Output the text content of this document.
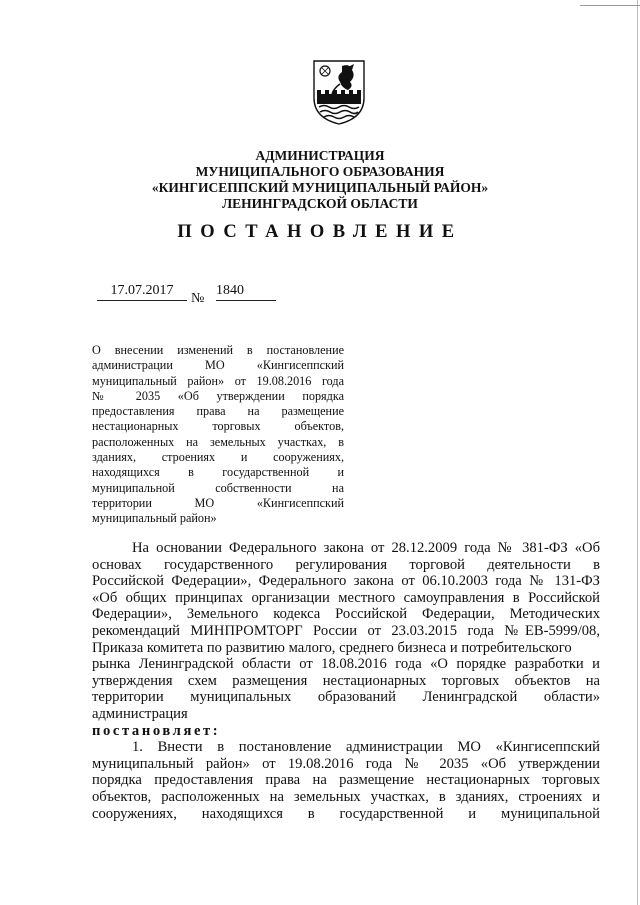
АДМИНИСТРАЦИЯ
МУНИЦИПАЛЬНОГО ОБРАЗОВАНИЯ
«КИНГИСЕППСКИЙ МУНИЦИПАЛЬНЫЙ РАЙОН»
ЛЕНИНГРАДСКОЙ ОБЛАСТИ
ПОСТАНОВЛЕНИЕ
17.07.2017
№
1840
О внесении изменений в постановление
администрации МО «Кингисеппский
муниципальный район» от 19.08.2016 года
№ 2035 «Об утверждении порядка
предоставления права на размещение
нестационарных торговых объектов,
расположенных на земельных участках, в
зданиях, строениях и сооружениях,
находящихся в государственной и
муниципальной собственности на
территории МО «Кингисеппский
муниципальный район»
На основании Федерального закона от 28.12.2009 года № 381-ФЗ «Об
основах государственного регулирования торговой деятельности в
Российской Федерации», Федерального закона от 06.10.2003 года № 131-ФЗ
«Об общих принципах организации местного самоуправления в Российской
Федерации», Земельного кодекса Российской Федерации, Методических
рекомендаций МИНПРОМТОРГ России от 23.03.2015 года №ЕВ-5999/08,
Приказа комитета по развитию малого, среднего бизнеса и потребительского
рынка Ленинградской области от 18.08.2016 года «О порядке разработки и
утверждения схем размещения нестационарных торговых объектов на
территории муниципальных образований Ленинградской области»
администрация
постановляет:
1. Внести в постановление администрации МО «Кингисеппский
муниципальный район» от 19.08.2016 года № 2035 «Об утверждении
порядка предоставления права на размещение нестационарных торговых
объектов, расположенных на земельных участках, в зданиях, строениях и
сооружениях, находящихся в государственной и муниципальной
